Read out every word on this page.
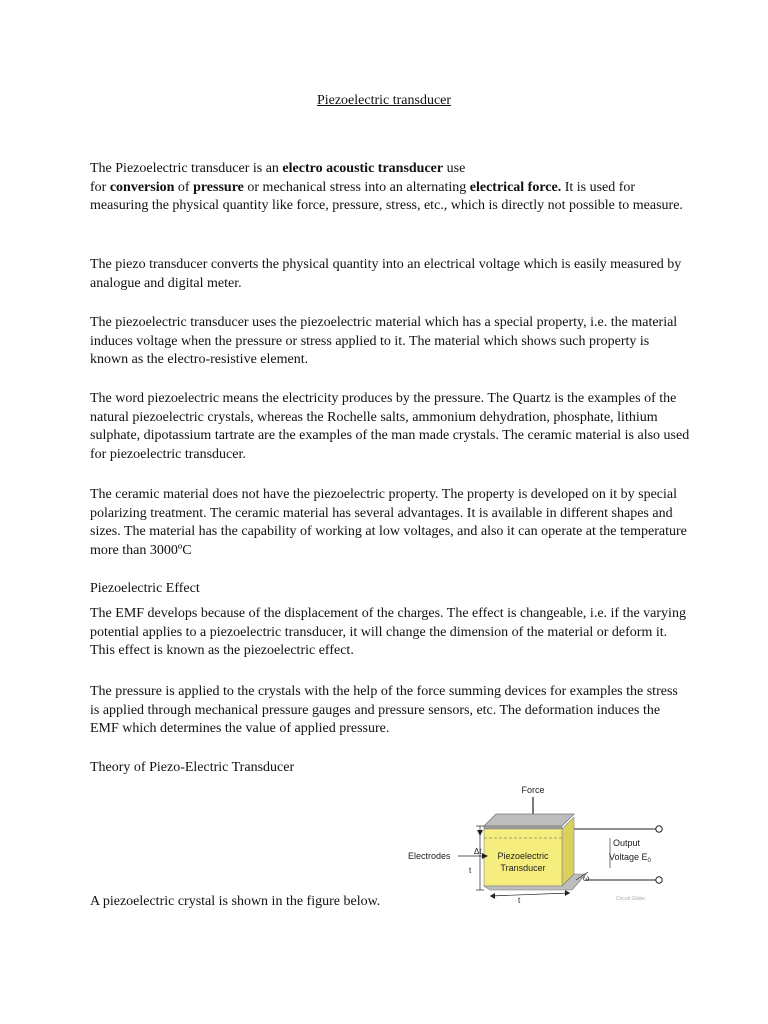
Piezoelectric transducer

The Piezoelectric transducer is an electro acoustic transducer use
for conversion of pressure or mechanical stress into an alternating electrical force. It is used for measuring the physical quantity like force, pressure, stress, etc., which is directly not possible to measure.

The piezo transducer converts the physical quantity into an electrical voltage which is easily measured by analogue and digital meter.

The piezoelectric transducer uses the piezoelectric material which has a special property, i.e. the material induces voltage when the pressure or stress applied to it. The material which shows such property is known as the electro-resistive element.

The word piezoelectric means the electricity produces by the pressure. The Quartz is the examples of the natural piezoelectric crystals, whereas the Rochelle salts, ammonium dehydration, phosphate, lithium sulphate, dipotassium tartrate are the examples of the man made crystals. The ceramic material is also used for piezoelectric transducer.

The ceramic material does not have the piezoelectric property. The property is developed on it by special polarizing treatment. The ceramic material has several advantages. It is available in different shapes and sizes. The material has the capability of working at low voltages, and also it can operate at the temperature more than 3000ºC

Piezoelectric Effect

The EMF develops because of the displacement of the charges. The effect is changeable, i.e. if the varying potential applies to a piezoelectric transducer, it will change the dimension of the material or deform it. This effect is known as the piezoelectric effect.

The pressure is applied to the crystals with the help of the force summing devices for examples the stress is applied through mechanical pressure gauges and pressure sensors, etc. The deformation induces the EMF which determines the value of applied pressure.

Theory of Piezo-Electric Transducer

A piezoelectric crystal is shown in the figure below.

Force
Electrodes	Δt
t
t
ω
Output
Voltage $E_0$
Circuit Globe
Piezoelectric
Transducer
